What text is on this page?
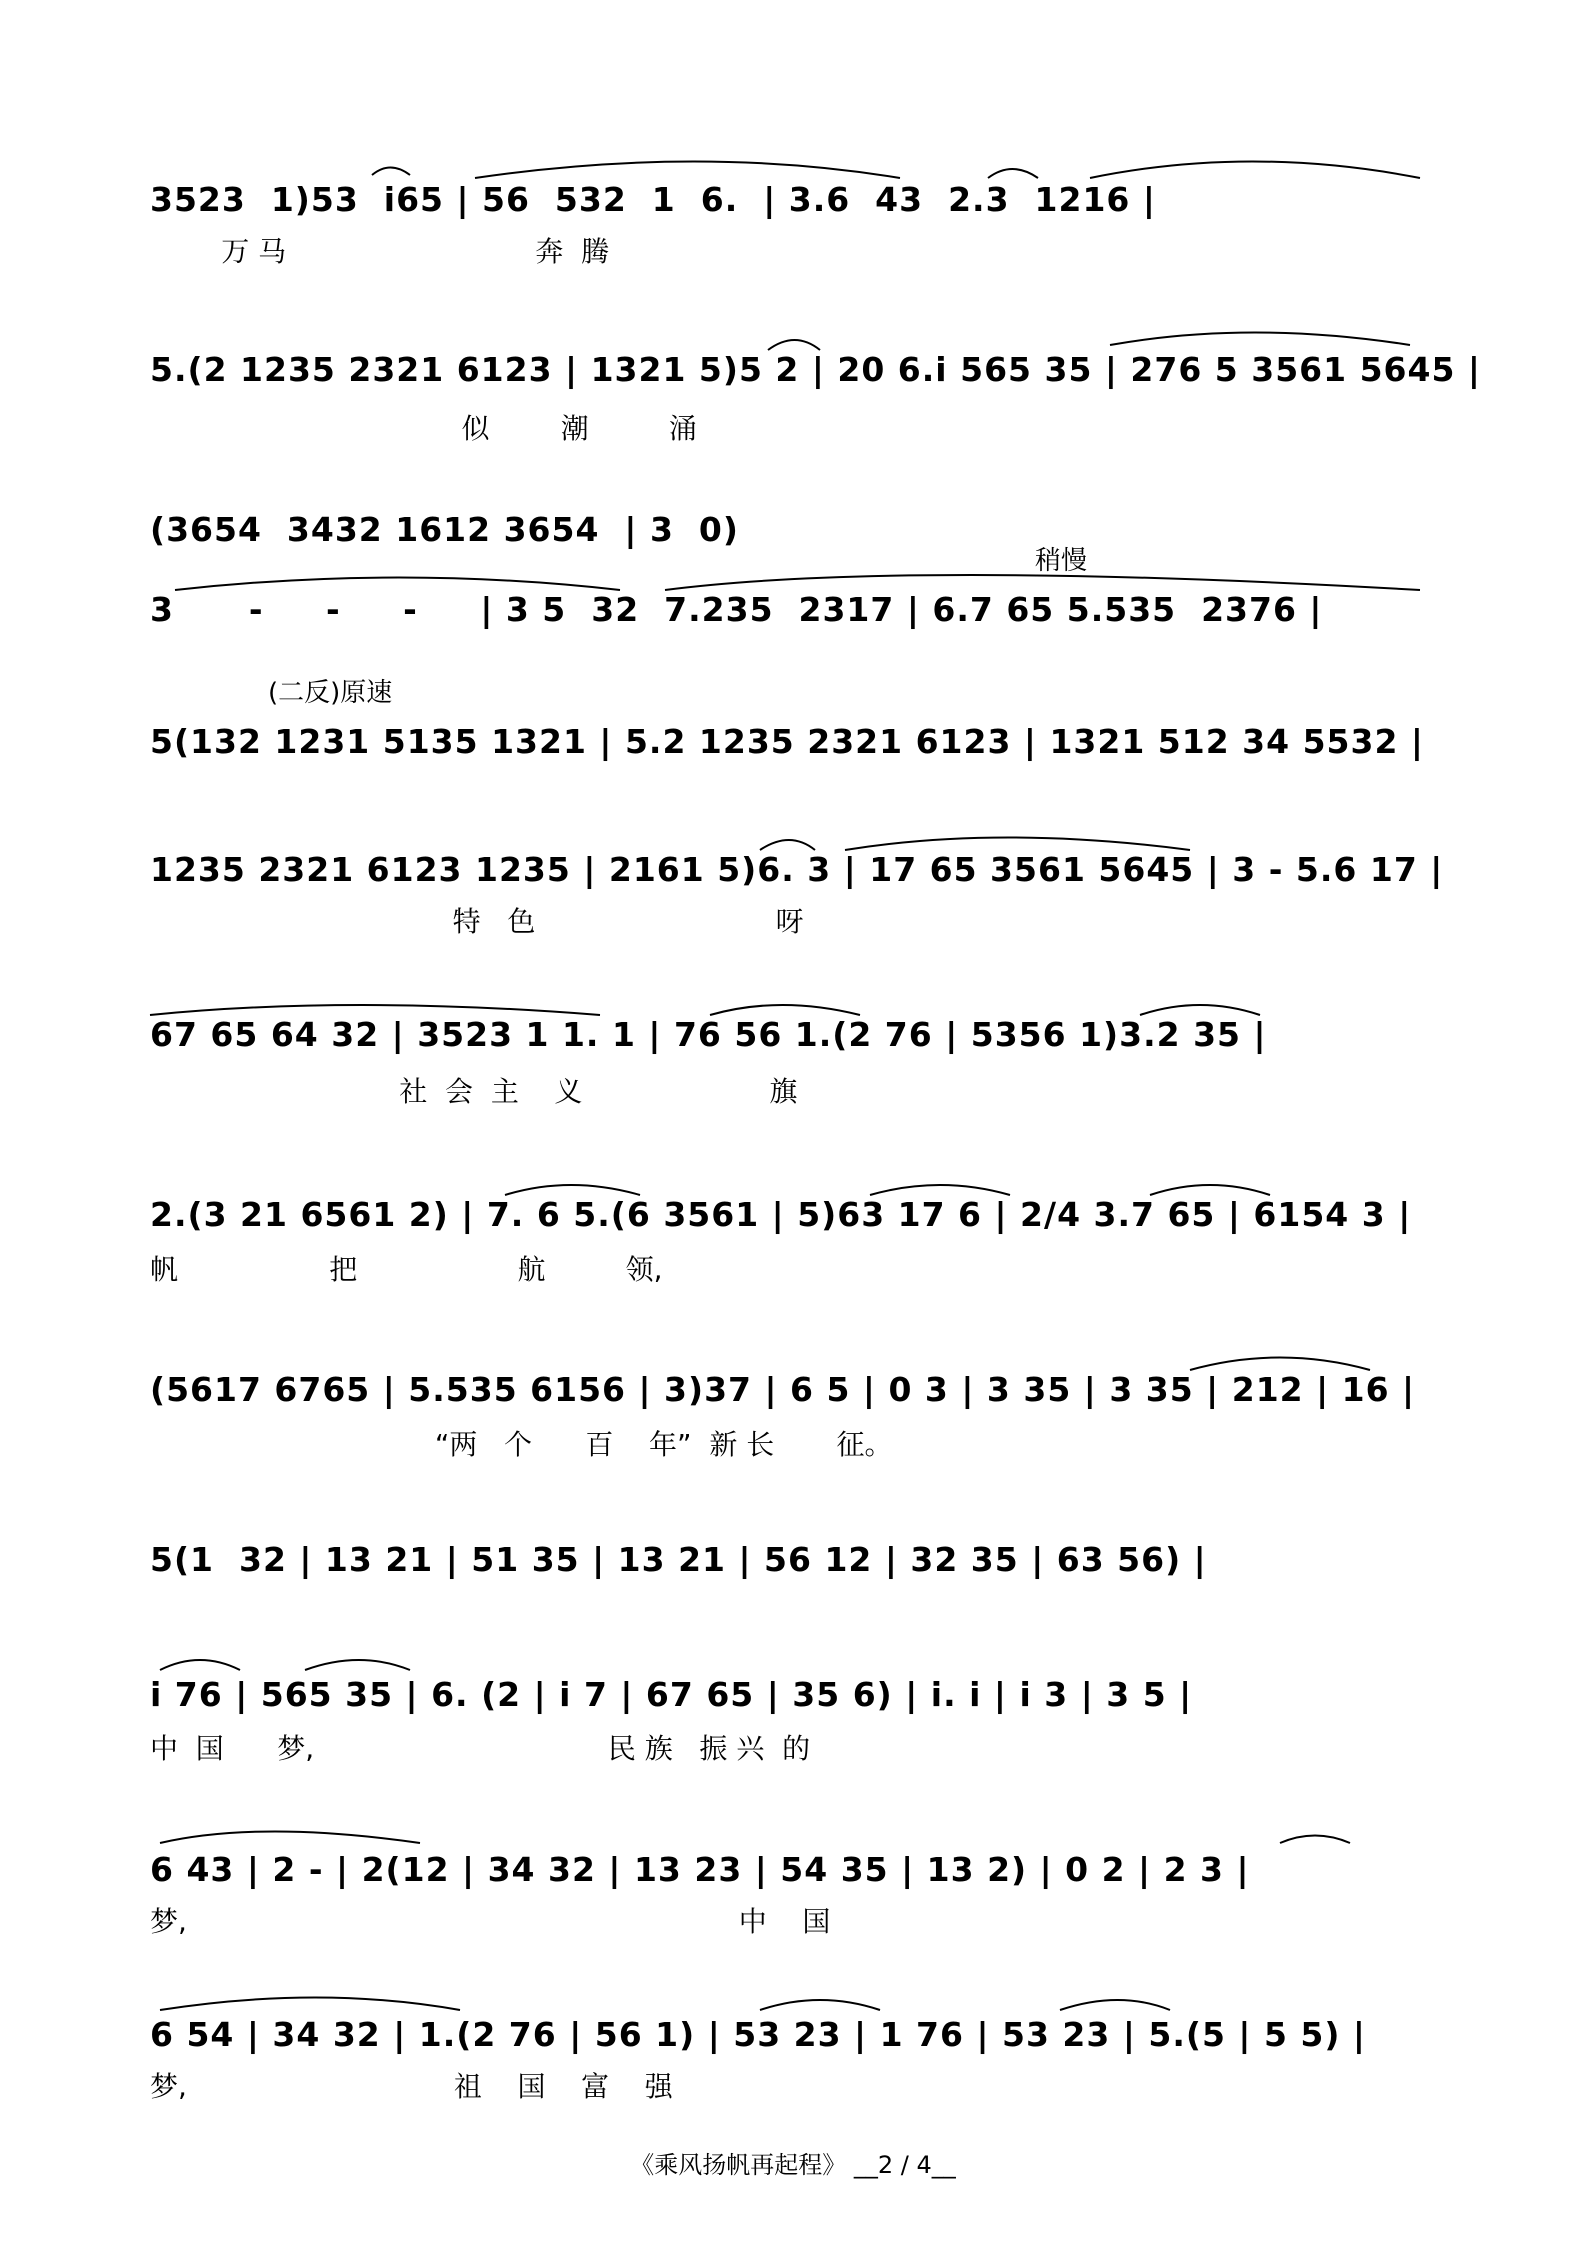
3523  1)53  i65 | 56  532  1  6.  | 3.6  43  2.3  1216 |
万 马                            奔  腾
5.(2 1235 2321 6123 | 1321 5)5 2 | 20 6.i 565 35 | 276 5 3561 5645 |
似        潮         涌
(3654  3432 1612 3654  | 3  0)
稍慢
3      -     -     -     | 3 5  32  7.235  2317 | 6.7 65 5.535  2376 |
(二反)原速
5(132 1231 5135 1321 | 5.2 1235 2321 6123 | 1321 512 34 5532 |
1235 2321 6123 1235 | 2161 5)6. 3 | 17 65 3561 5645 | 3 - 5.6 17 |
特   色                           呀
67 65 64 32 | 3523 1 1. 1 | 76 56 1.(2 76 | 5356 1)3.2 35 |
社  会  主    义                     旗
2.(3 21 6561 2) | 7. 6 5.(6 3561 | 5)63 17 6 | 2/4 3.7 65 | 6154 3 |
帆                 把                  航         领,
(5617 6765 | 5.535 6156 | 3)37 | 6 5 | 0 3 | 3 35 | 3 35 | 212 | 16 |
“两   个      百    年”  新 长       征。
5(1  32 | 13 21 | 51 35 | 13 21 | 56 12 | 32 35 | 63 56) |
i 76 | 565 35 | 6. (2 | i 7 | 67 65 | 35 6) | i. i | i 3 | 3 5 |
中  国      梦,                                 民 族   振 兴  的
6 43 | 2 - | 2(12 | 34 32 | 13 23 | 54 35 | 13 2) | 0 2 | 2 3 |
梦,                                                              中    国
6 54 | 34 32 | 1.(2 76 | 56 1) | 53 23 | 1 76 | 53 23 | 5.(5 | 5 5) |
梦,                              祖    国    富    强
《乘风扬帆再起程》 __2 / 4__
